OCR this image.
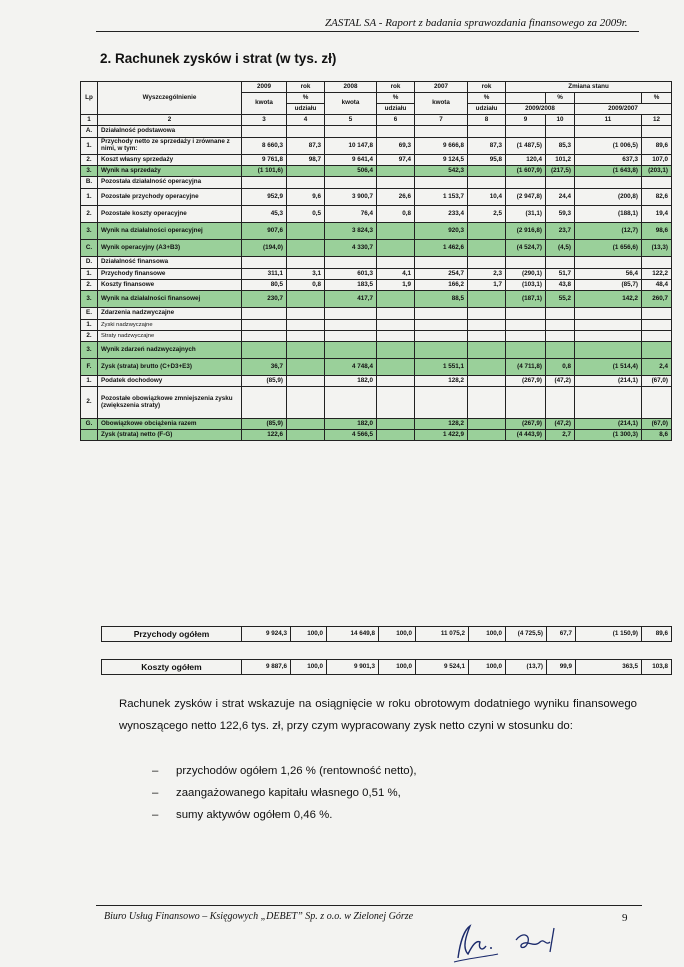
ZASTAL SA - Raport z badania sprawozdania finansowego za 2009r.
2. Rachunek zysków i strat (w tys. zł)
Lp	Wyszczególnienie	2009	rok	2008	rok	2007	rok	Zmiana stanu			
		kwota	%	kwota	%	kwota	%		%		%
			udziału		udziału		udziału	2009/2008		2009/2007	
1	2	3	4	5	6	7	8	9	10	11	12
A.	Działalność podstawowa										
1.	Przychody netto ze sprzedaży i zrównane z nimi, w tym:	8 660,3	87,3	10 147,8	69,3	9 666,8	87,3	(1 487,5)	85,3	(1 006,5)	89,6
2.	Koszt własny sprzedaży	9 761,8	98,7	9 641,4	97,4	9 124,5	95,8	120,4	101,2	637,3	107,0
3.	Wynik na sprzedaży	(1 101,6)		506,4		542,3		(1 607,9)	(217,5)	(1 643,8)	(203,1)
B.	Pozostała działalność operacyjna										
1.	Pozostałe przychody operacyjne	952,9	9,6	3 900,7	26,6	1 153,7	10,4	(2 947,8)	24,4	(200,8)	82,6
2.	Pozostałe koszty operacyjne	45,3	0,5	76,4	0,8	233,4	2,5	(31,1)	59,3	(188,1)	19,4
3.	Wynik na działalności operacyjnej	907,6		3 824,3		920,3		(2 916,8)	23,7	(12,7)	98,6
C.	Wynik operacyjny (A3+B3)	(194,0)		4 330,7		1 462,6		(4 524,7)	(4,5)	(1 656,6)	(13,3)
D.	Działalność finansowa										
1.	Przychody finansowe	311,1	3,1	601,3	4,1	254,7	2,3	(290,1)	51,7	56,4	122,2
2.	Koszty finansowe	80,5	0,8	183,5	1,9	166,2	1,7	(103,1)	43,8	(85,7)	48,4
3.	Wynik na działalności finansowej	230,7		417,7		88,5		(187,1)	55,2	142,2	260,7
E.	Zdarzenia nadzwyczajne										
1.	Zyski nadzwyczajne										
2.	Straty nadzwyczajne										
3.	Wynik zdarzeń nadzwyczajnych										
F.	Zysk (strata) brutto (C+D3+E3)	36,7		4 748,4		1 551,1		(4 711,8)	0,8	(1 514,4)	2,4
1.	Podatek dochodowy	(85,9)		182,0		128,2		(267,9)	(47,2)	(214,1)	(67,0)
2.	Pozostałe obowiązkowe zmniejszenia zysku (zwiększenia straty)										
G.	Obowiązkowe obciążenia razem	(85,9)		182,0		128,2		(267,9)	(47,2)	(214,1)	(67,0)
	Zysk (strata) netto (F-G)	122,6		4 566,5		1 422,9		(4 443,9)	2,7	(1 300,3)	8,6
Przychody ogółem	9 924,3	100,0	14 649,8	100,0	11 075,2	100,0	(4 725,5)	67,7	(1 150,9)	89,6
Koszty ogółem	9 887,6	100,0	9 901,3	100,0	9 524,1	100,0	(13,7)	99,9	363,5	103,8
Rachunek zysków i strat wskazuje na osiągnięcie w roku obrotowym dodatniego wyniku finansowego wynoszącego netto 122,6 tys. zł, przy czym wypracowany zysk netto czyni w stosunku do:
– przychodów ogółem 1,26 % (rentowność netto),
– zaangażowanego kapitału własnego 0,51 %,
– sumy aktywów ogółem 0,46 %.
Biuro Usług Finansowo – Księgowych „DEBET” Sp. z o.o. w Zielonej Górze	9
